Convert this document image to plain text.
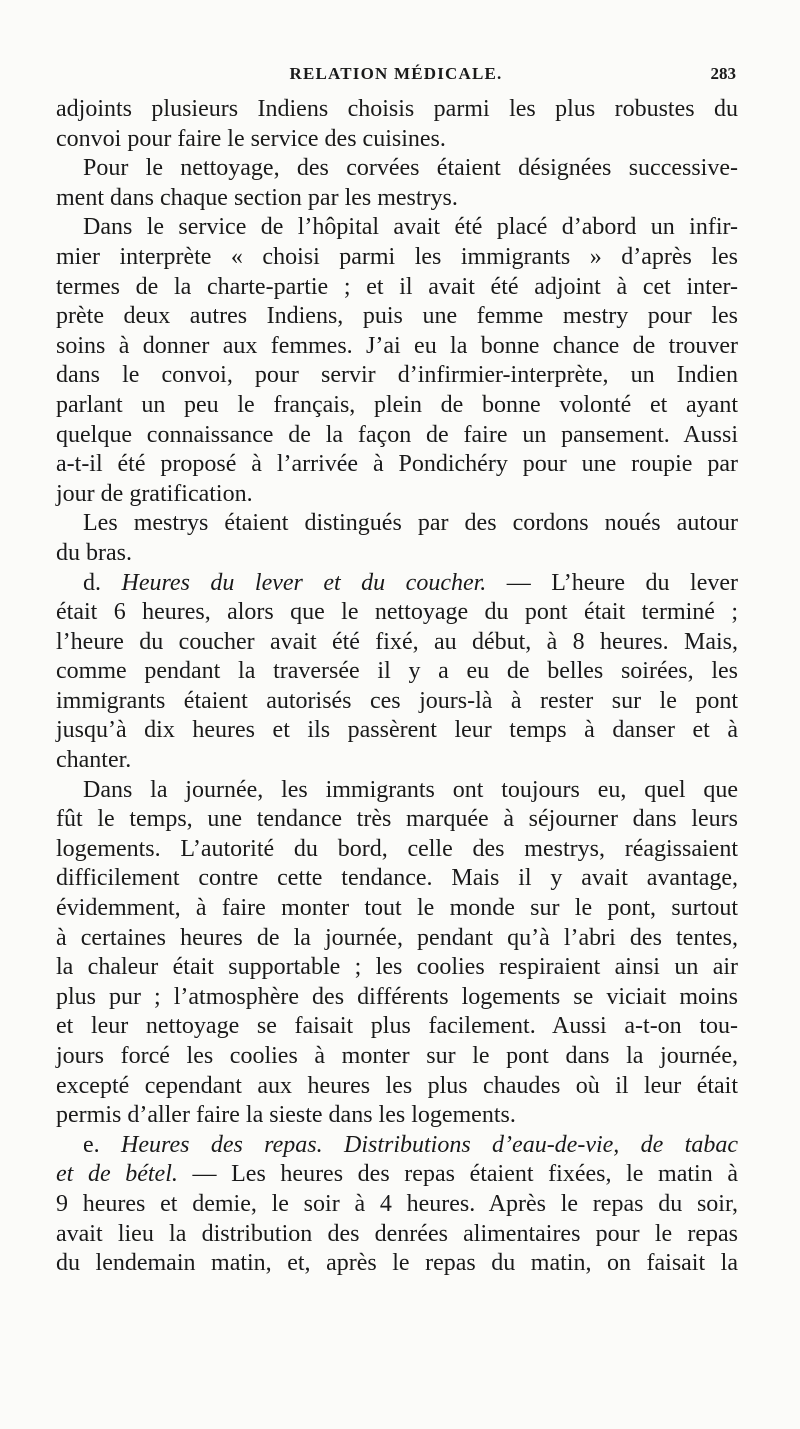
RELATION MÉDICALE.	283
adjoints plusieurs Indiens choisis parmi les plus robustes du
convoi pour faire le service des cuisines.
Pour le nettoyage, des corvées étaient désignées successive-
ment dans chaque section par les mestrys.
Dans le service de l’hôpital avait été placé d’abord un infir-
mier interprète « choisi parmi les immigrants » d’après les
termes de la charte-partie ; et il avait été adjoint à cet inter-
prète deux autres Indiens, puis une femme mestry pour les
soins à donner aux femmes. J’ai eu la bonne chance de trouver
dans le convoi, pour servir d’infirmier-interprète, un Indien
parlant un peu le français, plein de bonne volonté et ayant
quelque connaissance de la façon de faire un pansement. Aussi
a-t-il été proposé à l’arrivée à Pondichéry pour une roupie par
jour de gratification.
Les mestrys étaient distingués par des cordons noués autour
du bras.
d. Heures du lever et du coucher. — L’heure du lever
était 6 heures, alors que le nettoyage du pont était terminé ;
l’heure du coucher avait été fixé, au début, à 8 heures. Mais,
comme pendant la traversée il y a eu de belles soirées, les
immigrants étaient autorisés ces jours-là à rester sur le pont
jusqu’à dix heures et ils passèrent leur temps à danser et à
chanter.
Dans la journée, les immigrants ont toujours eu, quel que
fût le temps, une tendance très marquée à séjourner dans leurs
logements. L’autorité du bord, celle des mestrys, réagissaient
difficilement contre cette tendance. Mais il y avait avantage,
évidemment, à faire monter tout le monde sur le pont, surtout
à certaines heures de la journée, pendant qu’à l’abri des tentes,
la chaleur était supportable ; les coolies respiraient ainsi un air
plus pur ; l’atmosphère des différents logements se viciait moins
et leur nettoyage se faisait plus facilement. Aussi a-t-on tou-
jours forcé les coolies à monter sur le pont dans la journée,
excepté cependant aux heures les plus chaudes où il leur était
permis d’aller faire la sieste dans les logements.
e. Heures des repas. Distributions d’eau-de-vie, de tabac
et de bétel. — Les heures des repas étaient fixées, le matin à
9 heures et demie, le soir à 4 heures. Après le repas du soir,
avait lieu la distribution des denrées alimentaires pour le repas
du lendemain matin, et, après le repas du matin, on faisait la
